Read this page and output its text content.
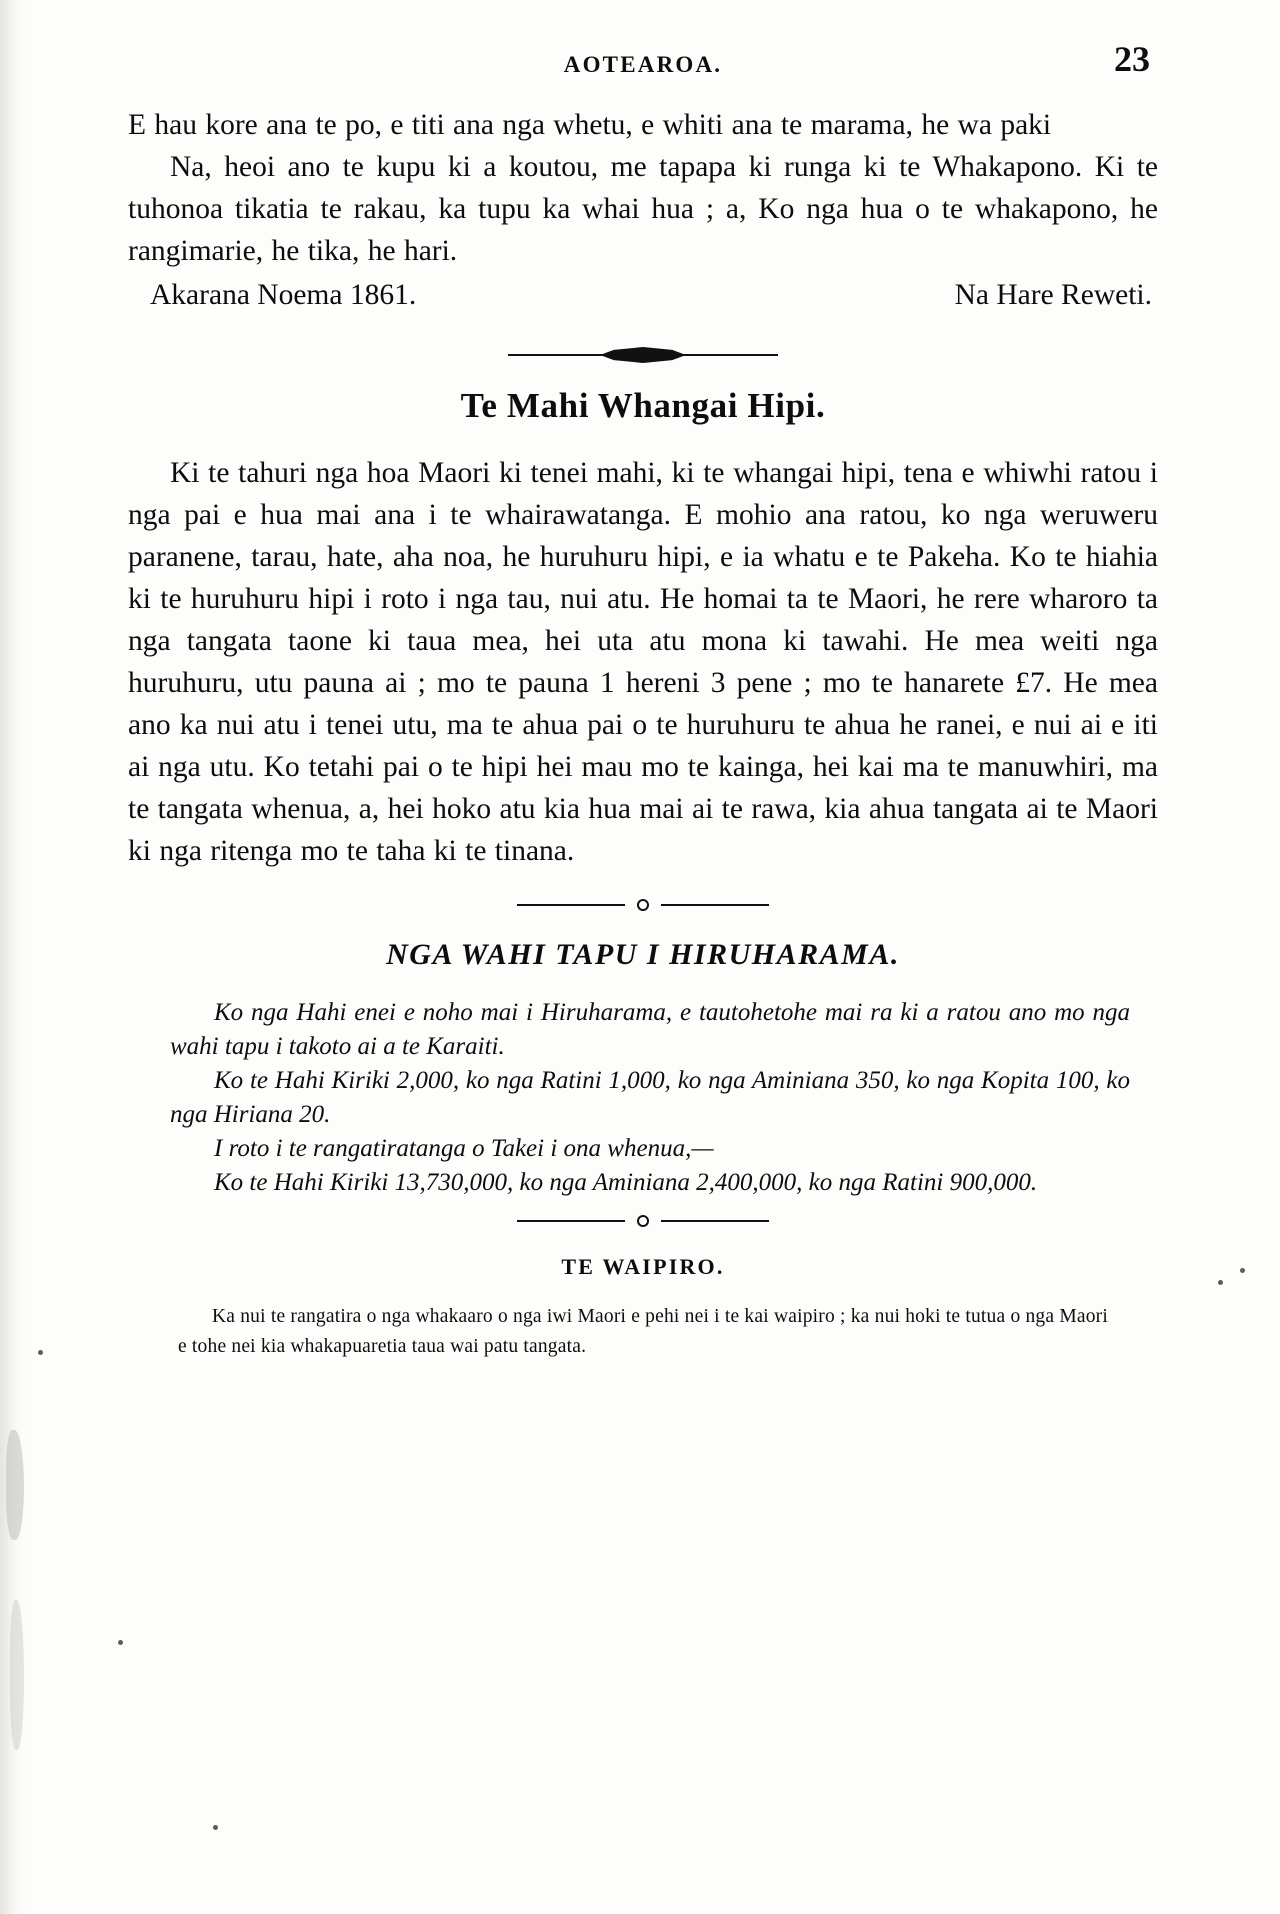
AOTEAROA.	23

E hau kore ana te po, e titi ana nga whetu, e whiti ana te marama, he wa paki

Na, heoi ano te kupu ki a koutou, me tapapa ki runga ki te Whakapono. Ki te tuhonoa tikatia te rakau, ka tupu ka whai hua ; a, Ko nga hua o te whakapono, he rangimarie, he tika, he hari.

Akarana Noema 1861.	Na Hare Reweti.
Te Mahi Whangai Hipi.

Ki te tahuri nga hoa Maori ki tenei mahi, ki te whangai hipi, tena e whiwhi ratou i nga pai e hua mai ana i te whairawatanga. E mohio ana ratou, ko nga weruweru paranene, tarau, hate, aha noa, he huruhuru hipi, e ia whatu e te Pakeha. Ko te hiahia ki te huruhuru hipi i roto i nga tau, nui atu. He homai ta te Maori, he rere wharoro ta nga tangata taone ki taua mea, hei uta atu mona ki tawahi. He mea weiti nga huruhuru, utu pauna ai ; mo te pauna 1 hereni 3 pene ; mo te hanarete £7. He mea ano ka nui atu i tenei utu, ma te ahua pai o te huruhuru te ahua he ranei, e nui ai e iti ai nga utu. Ko tetahi pai o te hipi hei mau mo te kainga, hei kai ma te manuwhiri, ma te tangata whenua, a, hei hoko atu kia hua mai ai te rawa, kia ahua tangata ai te Maori ki nga ritenga mo te taha ki te tinana.

NGA WAHI TAPU I HIRUHARAMA.

Ko nga Hahi enei e noho mai i Hiruharama, e tautohetohe mai ra ki a ratou ano mo nga wahi tapu i takoto ai a te Karaiti.

Ko te Hahi Kiriki 2,000, ko nga Ratini 1,000, ko nga Aminiana 350, ko nga Kopita 100, ko nga Hiriana 20.

I roto i te rangatiratanga o Takei i ona whenua,—

Ko te Hahi Kiriki 13,730,000, ko nga Aminiana 2,400,000, ko nga Ratini 900,000.

TE WAIPIRO.

Ka nui te rangatira o nga whakaaro o nga iwi Maori e pehi nei i te kai waipiro ; ka nui hoki te tutua o nga Maori e tohe nei kia whakapuaretia taua wai patu tangata.
